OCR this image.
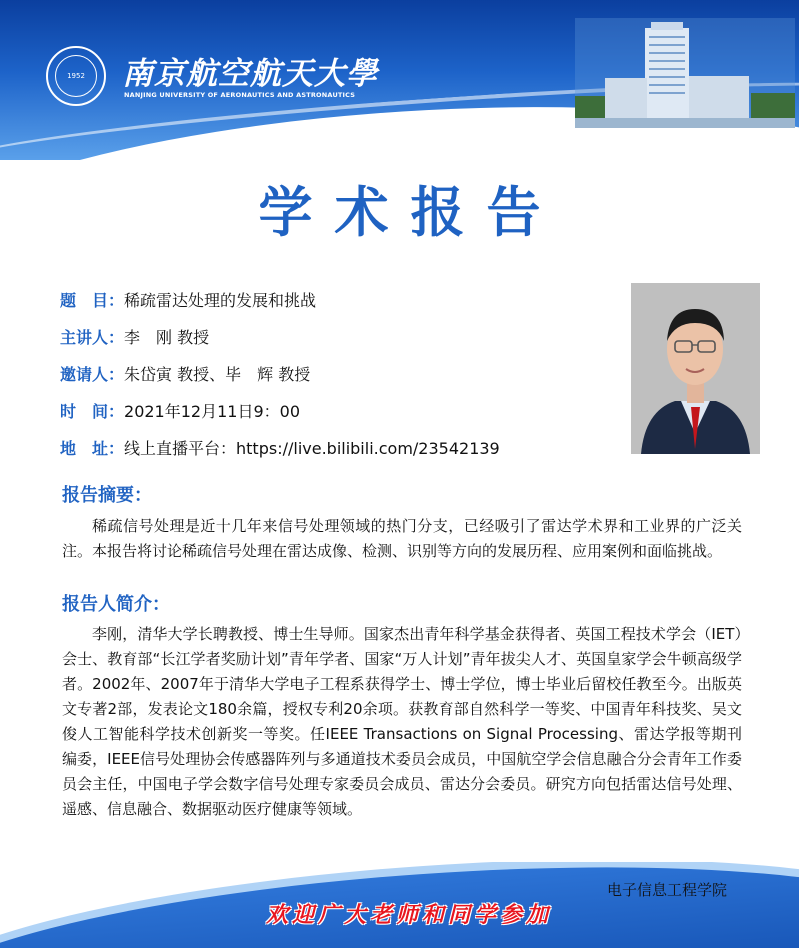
1952 南京航空航天大學
NANJING UNIVERSITY OF AERONAUTICS AND ASTRONAUTICS
学术报告
题　目：稀疏雷达处理的发展和挑战
主讲人：李　刚 教授
邀请人：朱岱寅 教授、毕　辉 教授
时　间：2021年12月11日9：00
地　址：线上直播平台：https://live.bilibili.com/23542139
报告摘要：
稀疏信号处理是近十几年来信号处理领域的热门分支，已经吸引了雷达学术界和工业界的广泛关注。本报告将讨论稀疏信号处理在雷达成像、检测、识别等方向的发展历程、应用案例和面临挑战。
报告人简介：
李刚，清华大学长聘教授、博士生导师。国家杰出青年科学基金获得者、英国工程技术学会（IET）会士、教育部“长江学者奖励计划”青年学者、国家“万人计划”青年拔尖人才、英国皇家学会牛顿高级学者。2002年、2007年于清华大学电子工程系获得学士、博士学位，博士毕业后留校任教至今。出版英文专著2部，发表论文180余篇，授权专利20余项。获教育部自然科学一等奖、中国青年科技奖、吴文俊人工智能科学技术创新奖一等奖。任IEEE Transactions on Signal Processing、雷达学报等期刊编委，IEEE信号处理协会传感器阵列与多通道技术委员会成员，中国航空学会信息融合分会青年工作委员会主任，中国电子学会数字信号处理专家委员会成员、雷达分会委员。研究方向包括雷达信号处理、遥感、信息融合、数据驱动医疗健康等领域。
电子信息工程学院
欢迎广大老师和同学参加
